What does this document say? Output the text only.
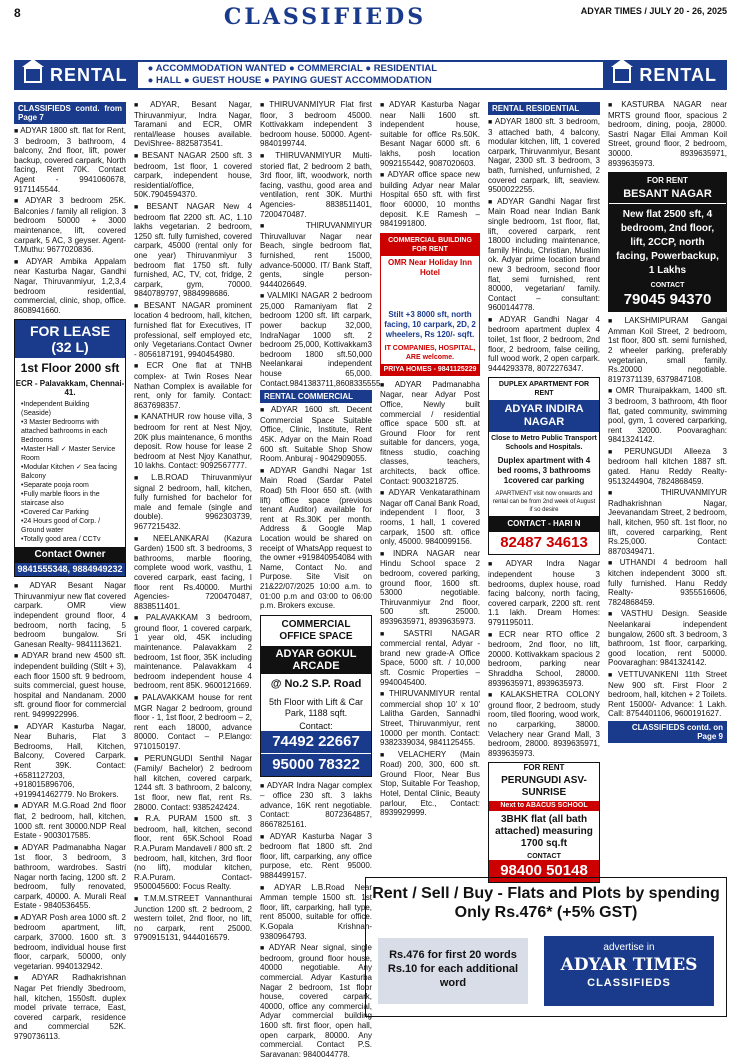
8	CLASSIFIEDS	ADYAR TIMES / JULY 20 - 26, 2025
RENTAL ● ACCOMMODATION WANTED ● COMMERCIAL ● RESIDENTIAL
● HALL ● GUEST HOUSE ● PAYING GUEST ACCOMMODATION	RENTAL
CLASSIFIEDS contd. from Page 7

■ ADYAR 1800 sft. flat for Rent, 3 bedroom, 3 bathroom, 4 balcony, 2nd floor, lift, power backup, covered carpark, North facing, Rent 70K. Contact Agent - 9941060678, 9171145544.

■ ADYAR 3 bedroom 25K. Balconies / family all religion. 3 bedroom 50000 + 3000 maintenance, lift, covered carpark, 5 AC, 3 geyser. Agent- T.Muthu: 9677020836.

■ ADYAR Ambika Appalam near Kasturba Nagar, Gandhi Nagar, Thiruvanmiyur, 1,2,3,4 bedroom residential, commercial, clinic, shop, office. 8608941660.

FOR LEASE (32 L)
1st Floor 2000 sft
ECR - Palavakkam, Chennai-41.
• Independent Building (Seaside)
• 3 Master Bedrooms with attached bathrooms in each Bedrooms
• Master Hall ✓ Master Service Room
• Modular Kitchen ✓ Sea facing Balcony
• Separate pooja room
• Fully marble floors in the staircase also
• Covered Car Parking
• 24 Hours good of Corp. / Ground water
• Totally good area / CCTv
Contact Owner
9841555348, 9884949232

■ ADYAR Besant Nagar Thiruvanmiyur new flat covered carpark. OMR view independent ground floor, 4 bedroom, north facing, 5 bedroom bungalow. Sri Ganesan Realty- 9841113621.

■ ADYAR brand new 4500 sft. independent building (Stilt + 3), each floor 1500 sft. 9 bedroom, suits commercial, guest house, hospital and Nandanam. 2000 sft. ground floor for commercial rent. 9499922996.

■ ADYAR Kasturba Nagar, Near Buharis, Flat 3 Bedrooms, Hall, Kitchen, Balcony, Covered Carpark. Rent 39K. Contact: +6581127203, +918015896706, +919941462779. No Brokers.

■ ADYAR M.G.Road 2nd floor flat, 2 bedroom, hall, kitchen, 1000 sft. rent 30000.NDP Real Estate - 9003017585.

■ ADYAR Padmanabha Nagar 1st floor, 3 bedroom, 3 bathroom, wardrobes. Sastri Nagar north facing, 1200 sft. 2 bedroom, fully renovated, carpark, 40000. A. Murali Real Estate - 9840536455.

■ ADYAR Posh area 1000 sft. 2 bedroom apartment, lift, carpark, 37000. 1600 sft. 3 bedroom, individual house first floor, carpark, 50000, only vegetarian. 9940132942.

■ ADYAR Radhakrishnan Nagar Pet friendly 3bedroom, hall, kitchen, 1550sft. duplex model private terrace, East, covered carpark, residence and commercial 52K. 9790736113.

■ ADYAR, Besant Nagar, Thiruvanmiyur, Indra Nagar, Taramani and ECR, OMR rental/lease houses available. DeviShree- 8825873541.

■ BESANT NAGAR 2500 sft. 3 bedroom, 1st floor, 1 covered carpark, independent house, residential/office, 50K.7904594370.

■ BESANT NAGAR New 4 bedroom flat 2200 sft. AC, 1.10 lakhs vegetarian. 2 bedroom, 1250 sft. fully furnished, covered carpark, 45000 (rental only for one year) Thiruvanmiyur 3 bedroom flat 1750 sft. fully furnished, AC, TV, cot, fridge, 2 carpark, gym, 70000. 9840789797, 9884998686.

■ BESANT NAGAR prominent location 4 bedroom, hall, kitchen, furnished flat for Executives, IT professional, self employed etc, only Vegetarians.Contact Owner - 8056187191, 9940454980.

■ ECR One flat at TNHB complex- at Twin Roses Near Nathan Complex is available for rent, only for family. Contact: 8637698357.

■ KANATHUR row house villa, 3 bedroom for rent at Nest Njoy, 20K plus maintenance, 6 months deposit. Row house for lease 2 bedroom at Nest Njoy Kanathur, 10 lakhs. Contact: 9092567777.

■ L.B.ROAD Thiruvanmiyur signal 2 bedroom, hall, kitchen, fully furnished for bachelor for male and female (single and double). 9962303739, 9677215432.

■ NEELANKARAI (Kazura Garden) 1500 sft. 3 bedrooms, 3 bathrooms, marble flooring, complete wood work, vasthu, 1 covered carpark, east facing, I floor rent Rs.40000. Murthi Agencies- 7200470487, 8838511401.

■ PALAVAKKAM 3 bedroom, ground floor, 1 covered carpark, 1 year old, 45K including maintenance. Palavakkam 2 bedroom, 1st floor, 35K including maintenance. Palavakkam 4 bedroom independent house 4 bedroom, rent 85K. 9600121669.

■ PALAVAKKAM house for rent MGR Nagar 2 bedroom, ground floor - 1, 1st floor, 2 bedroom – 2, rent each 18000, advance 80000. Contact – P.Elango: 9710150197.

■ PERUNGUDI Senthil Nagar (Family/ Bachelor) 2 bedroom hall kitchen, covered carpark, 1244 sft. 3 bathroom, 2 balcony, 1st floor, new flat, rent Rs. 28000. Contact: 9385242424.

■ R.A. PURAM 1500 sft. 3 bedroom, hall, kitchen, second floor, rent 65K.School Road R.A.Puram Mandaveli / 800 sft. 2 bedroom, hall, kitchen, 3rd floor (no lift), modular kitchen, R.A.Puram. Contact- 9500045600: Focus Realty.

■ T.M.M.STREET Vannanthurai Junction 1200 sft. 2 bedroom, 2 western toilet, 2nd floor, no lift, no carpark, rent 25000. 9790915131, 9444016579.

■ THIRUVANMIYUR Flat first floor, 3 bedroom 45000. Kottivakkam independent 3 bedroom house. 50000. Agent- 9840199744.

■ THIRUVANMIYUR Multi-storied flat, 2 bedroom 2 bath, 3rd floor, lift, woodwork, north facing, vasthu, good area and ventilation, rent 30K. Murthi Agencies- 8838511401, 7200470487.

■ THIRUVANMIYUR Thiruvalluvar Nagar near Beach, single bedroom flat, furnished, rent 15000, advance-50000. IT/ Bank Staff, gents, single person- 9444026649.

■ VALMIKI NAGAR 2 bedroom 25,000 Ramaniyam flat 2 bedroom 1200 sft. lift carpark, power backup 32,000, IndraNagar 1000 sft. 2 bedroom 25,000, Kottivakkam3 bedroom 1800 sft.50,000 Neelankarai independent house 65,000. Contact.9841383711,8608335555.

RENTAL COMMERCIAL

■ ADYAR 1600 sft. Decent Commercial Space Suitable Office, Clinic, Institute, Rent 45K. Adyar on the Main Road 600 sft. Suitable Shop Show Room. Anburaj - 9042909055.

■ ADYAR Gandhi Nagar 1st Main Road (Sardar Patel Road) 5th Floor 650 sft. (with lift) office space (previous tenant Auditor) available for rent at Rs.30K per month. Address & Google Map Location would be shared on receipt of WhatsApp request to the owner +919840954084 with Name, Contact No. and Purpose. Site Visit on 21&22/07/2025 10:00 a.m. to 01:00 p.m and 03:00 to 06:00 p.m. Brokers excuse.

COMMERCIAL OFFICE SPACE
ADYAR GOKUL ARCADE
@ No.2 S.P. Road
5th Floor with Lift & Car Park, 1188 sqft.
Contact:
74492 22667
95000 78322

■ ADYAR Indra Nagar complex – office 230 sft. 3 lakhs advance, 16K rent negotiable. Contact: 8072364857, 8667825161.

■ ADYAR Kasturba Nagar 3 bedroom flat 1800 sft. 2nd floor, lift, carparking, any office purpose, etc. Rent 95000. 9884499157.

■ ADYAR L.B.Road Near Amman temple 1500 sft. 1st floor, lift, carparking, hall type, rent 85000, suitable for office. K.Gopala Krishnan- 9380964793.

■ ADYAR Near signal, single bedroom, ground floor house, 40000 negotiable. Any commercial. Adyar Kasturba Nagar 2 bedroom, 1st floor house, covered carpark, 40000, office any commercial, Adyar commercial building 1600 sft. first floor, open hall, open carpark, 80000. Any commercial. Contact P.S. Saravanan: 9840044778.

■ ADYAR Kasturba Nagar near Nalli 1600 sft. independent house, suitable for office Rs.50K. Besant Nagar 6000 sft. 6 lakhs, posh location 9092155442, 9087020603.

■ ADYAR office space new building Adyar near Malar Hospital 650 sft. with first floor 60000, 10 months deposit. K.E Ramesh – 9841991800.

COMMERCIAL BUILDING FOR RENT
OMR Near Holiday Inn Hotel
Stilt +3 8000 sft, north facing, 10 carpark, 2D, 2 wheelers, Rs 120/- sqft.
IT COMPANIES, HOSPITAL, ARE welcome.
PRIYA HOMES - 9841125229

■ ADYAR Padmanabha Nagar, near Adyar Post Office, Newly built commercial / residential office space 500 sft. at Ground Floor for rent suitable for dancers, yoga, fitness studio, coaching classes, teachers, architects, back office. Contact: 9003218725.

■ ADYAR Venkatarathinam Nagar off Canal Bank Road, independent I floor, 3 rooms, 1 hall, 1 covered carpark, 1500 sft. office only, 45000. 9840099156.

■ INDRA NAGAR near Hindu School space 2 bedroom, covered parking, ground floor, 1600 sft. 53000 negotiable. Thiruvanmiyur 2nd floor, 500 sft. 25000. 8939635971, 8939635973.

■ SASTRI NAGAR commercial rental, Adyar - brand new grade-A Office Space, 5000 sft. / 10,000 sft. Cosmic Properties – 9940045400.

■ THIRUVANMIYUR rental commercial shop 10' x 10' Lalitha Garden, Sannadhi Street, Thiruvanmiyur, rent 10000 per month. Contact: 9382339034, 9841125455.

■ VELACHERY (Main Road) 200, 300, 600 sft. Ground Floor, Near Bus Stop, Suitable For Teashop, Hotel, Dental Clinic, Beauty parlour, Etc., Contact: 8939929999.

RENTAL RESIDENTIAL

■ ADYAR 1800 sft. 3 bedroom, 3 attached bath, 4 balcony, modular kitchen, lift, 1 covered carpark, Thiruvanmiyur, Besant Nagar, 2300 sft. 3 bedroom, 3 bath, furnished, unfurnished, 2 covered carpark, lift, seaview. 9500022255.

■ ADYAR Gandhi Nagar first Main Road near Indian Bank single bedroom, 1st floor, flat, lift, covered carpark, rent 18000 including maintenance, family Hindu, Christian, Muslim ok. Adyar prime location brand new 3 bedroom, second floor flat, semi furnished, rent 80000, vegetarian/ family. Contact – consultant: 9600144778.

■ ADYAR Gandhi Nagar 4 bedroom apartment duplex 4 toilet, 1st floor, 2 bedroom, 2nd floor, 2 bedroom, false ceiling, full wood work, 2 open carpark. 9444293378, 8072276347.

DUPLEX APARTMENT FOR RENT
ADYAR INDIRA NAGAR
Close to Metro Public Transport Schools and Hospitals.
Duplex apartment with 4 bed rooms, 3 bathrooms 1covered car parking
APARTMENT visit now onwards and rental can be from 2nd week of August if so desire
CONTACT - HARI N
82487 34613

■ ADYAR Indra Nagar independent house 3 bedrooms, duplex house, road facing balcony, north facing, covered carpark, 2200 sft. rent 1.1 lakh. Dream Homes: 9791195011.

■ ECR near RTO office 2 bedroom, 2nd floor, no lift, 20000. Kottivakkam spacious 2 bedroom, parking near Shraddha School, 28000. 8939635971, 8939635973.

■ KALAKSHETRA COLONY ground floor, 2 bedroom, study room, tiled flooring, wood work, no carparking, 38000. Velachery near Grand Mall, 3 bedroom, 28000. 8939635971, 8939635973.

FOR RENT
PERUNGUDI ASV-SUNRISE
Next to ABACUS SCHOOL
3BHK flat (all bath attached) measuring 1700 sq.ft
CONTACT
98400 50148

■ KASTURBA NAGAR near MRTS ground floor, spacious 2 bedroom, dining, pooja, 28000. Sastri Nagar Ellai Amman Koil Street, ground floor, 2 bedroom, 30000. 8939635971, 8939635973.

FOR RENT
BESANT NAGAR
New flat 2500 sft, 4 bedroom, 2nd floor, lift, 2CCP, north facing, Powerbackup, 1 Lakhs
CONTACT
79045 94370

■ LAKSHMIPURAM Gangai Amman Koil Street, 2 bedroom, 1st floor, 800 sft. semi furnished, 2 wheeler parking, preferably vegetarian, small family. Rs.20000 negotiable. 8197371139, 6379847108.

■ OMR Thuraipakkam, 1400 sft. 3 bedroom, 3 bathroom, 4th floor flat, gated community, swimming pool, gym, 1 covered carparking, rent 32000. Poovaraghan: 9841324142.

■ PERUNGUDI Alleeza 3 bedroom hall kitchen 1887 sft. gated. Hanu Reddy Realty- 9513244904, 7824868459.

■ THIRUVANMIYUR Radhakrishnan Nagar, Jeevanandam Street, 2 bedroom, hall, kitchen, 950 sft. 1st floor, no lift, covered carparking, Rent Rs.25,000. Contact: 8870349471.

■ UTHANDI 4 bedroom hall kitchen independent 3000 sft. fully furnished. Hanu Reddy Realty- 9355516606, 7824868459.

■ VASTHU Design. Seaside Neelankarai independent bungalow, 2600 sft. 3 bedroom, 3 bathroom, 1st floor, carparking, good location, rent 50000. Poovaraghan: 9841324142.

■ VETTUVANKENI 11th Street New 900 sft. First Floor 2 bedroom, hall, kitchen + 2 Toilets. Rent 15000/- Advance: 1 Lakh. Call: 8754401106, 9600191627.

CLASSIFIEDS contd. on Page 9
Rent / Sell / Buy - Flats and Plots by spending Only Rs.476* (+5% GST)
Rs.476 for first 20 words Rs.10 for each additional word
advertise in
ADYAR TIMES
CLASSIFIEDS
